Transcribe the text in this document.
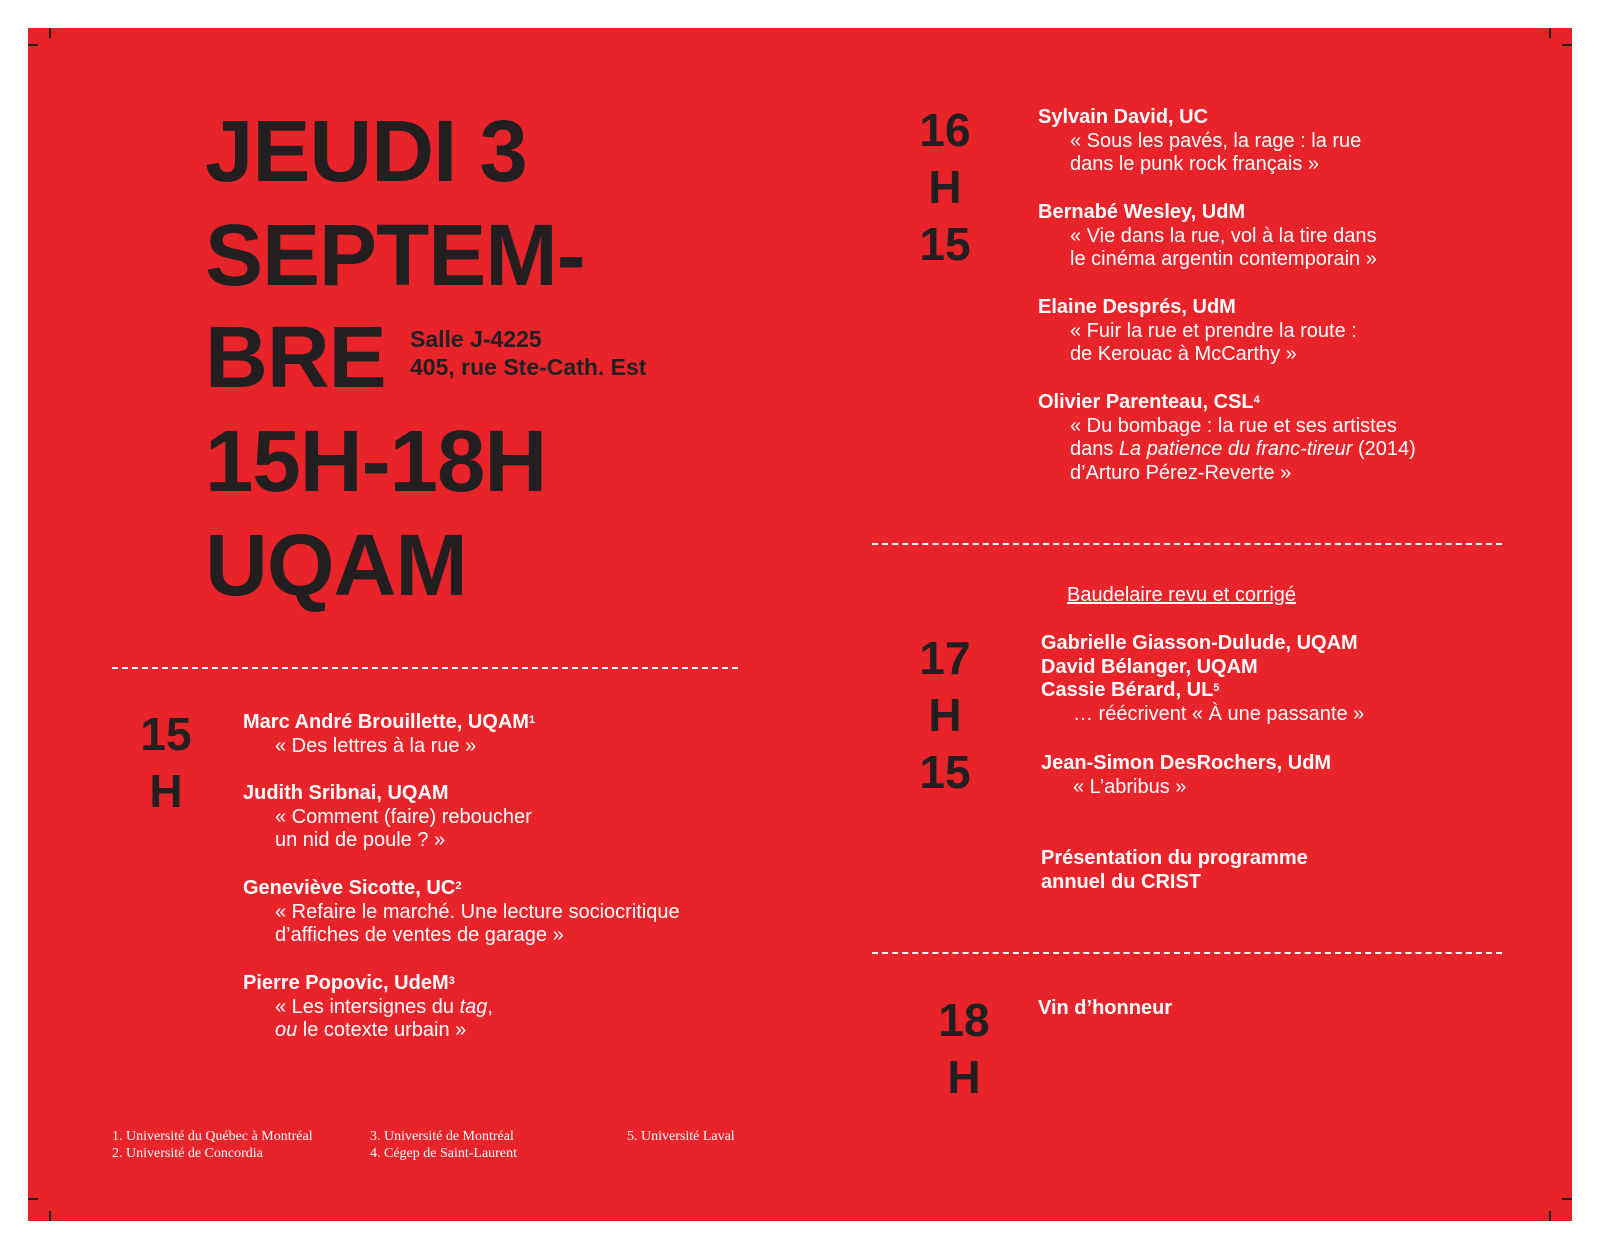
JEUDI 3
SEPTEM-
BRE
15H-18H
UQAM
Salle J-4225
405, rue Ste-Cath. Est
15
H
Marc André Brouillette, UQAM$^1$
« Des lettres à la rue »
Judith Sribnai, UQAM
« Comment (faire) reboucher
un nid de poule ? »
Geneviève Sicotte, $UC^2$
« Refaire le marché. Une lecture sociocritique
d’affiches de ventes de garage »
Pierre Popovic, UdeM$^3$
« Les intersignes du tag,
ou le cotexte urbain »
16
H
15
Sylvain David, UC
« Sous les pavés, la rage : la rue
dans le punk rock français »
Bernabé Wesley, UdM
« Vie dans la rue, vol à la tire dans
le cinéma argentin contemporain »
Elaine Després, UdM
« Fuir la rue et prendre la route :
de Kerouac à McCarthy »
Olivier Parenteau, CSL$^4$
« Du bombage : la rue et ses artistes
dans La patience du franc-tireur (2014)
d’Arturo Pérez-Reverte »
Baudelaire revu et corrigé
17
H
15
Gabrielle Giasson-Dulude, UQAM
David Bélanger, UQAM
Cassie Bérard, $UL^5$
… réécrivent « À une passante »
Jean-Simon DesRochers, UdM
« L’abribus »
Présentation du programme
annuel du CRIST
18
H
Vin d’honneur
1. Université du Québec à Montréal
2. Université de Concordia
3. Université de Montréal
4. Cégep de Saint-Laurent
5. Université Laval
